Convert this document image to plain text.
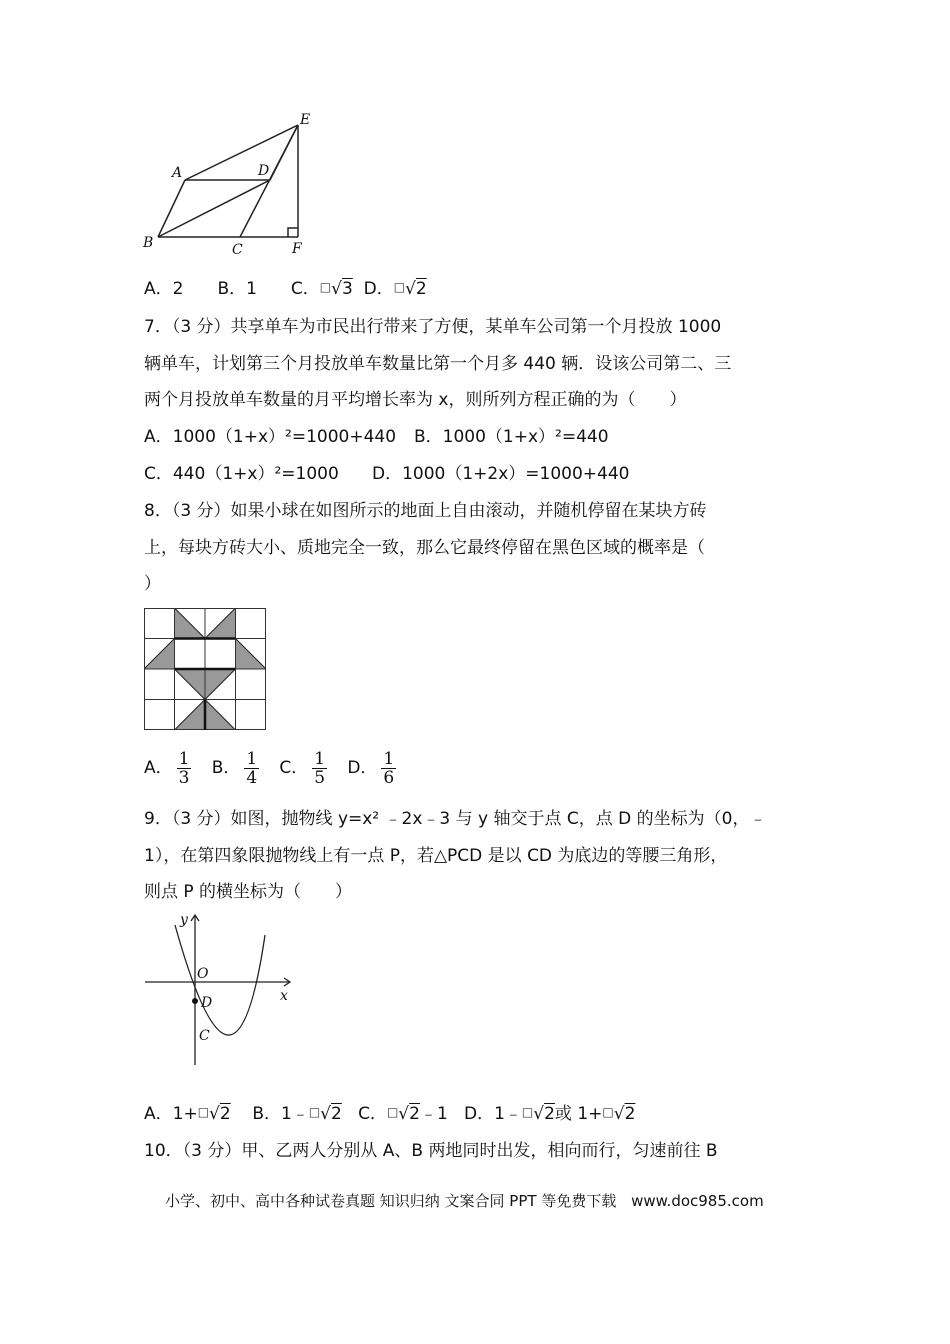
A
B	C
D
E
F
A．2　　B．1　　C．□√3 D．□√2
7．（3 分）共享单车为市民出行带来了方便，某单车公司第一个月投放 1000
辆单车，计划第三个月投放单车数量比第一个月多 440 辆．设该公司第二、三
两个月投放单车数量的月平均增长率为 x，则所列方程正确的为（　　）
A．1000（1+x）²=1000+440 B．1000（1+x）²=440
C．440（1+x）²=1000 D．1000（1+2x）=1000+440
8．（3 分）如果小球在如图所示的地面上自由滚动，并随机停留在某块方砖
上，每块方砖大小、质地完全一致，那么它最终停留在黑色区域的概率是（
）
A． $\frac{1}{3}$ B． $\frac{1}{4}$ C． $\frac{1}{5}$ D． $\frac{1}{6}$
9．（3 分）如图，抛物线 y=x² ﹣2x﹣3 与 y 轴交于点 C，点 D 的坐标为（0，﹣
1），在第四象限抛物线上有一点 P，若△PCD 是以 CD 为底边的等腰三角形，
则点 P 的横坐标为（　　）
y
O
x
D
C
A．1+□√2 B．1﹣□√2 C．□√2﹣1 D．1﹣□√2或 1+□√2
10．（3 分）甲、乙两人分别从 A、B 两地同时出发，相向而行，匀速前往 B
小学、初中、高中各种试卷真题 知识归纳 文案合同 PPT 等免费下载 www.doc985.com
